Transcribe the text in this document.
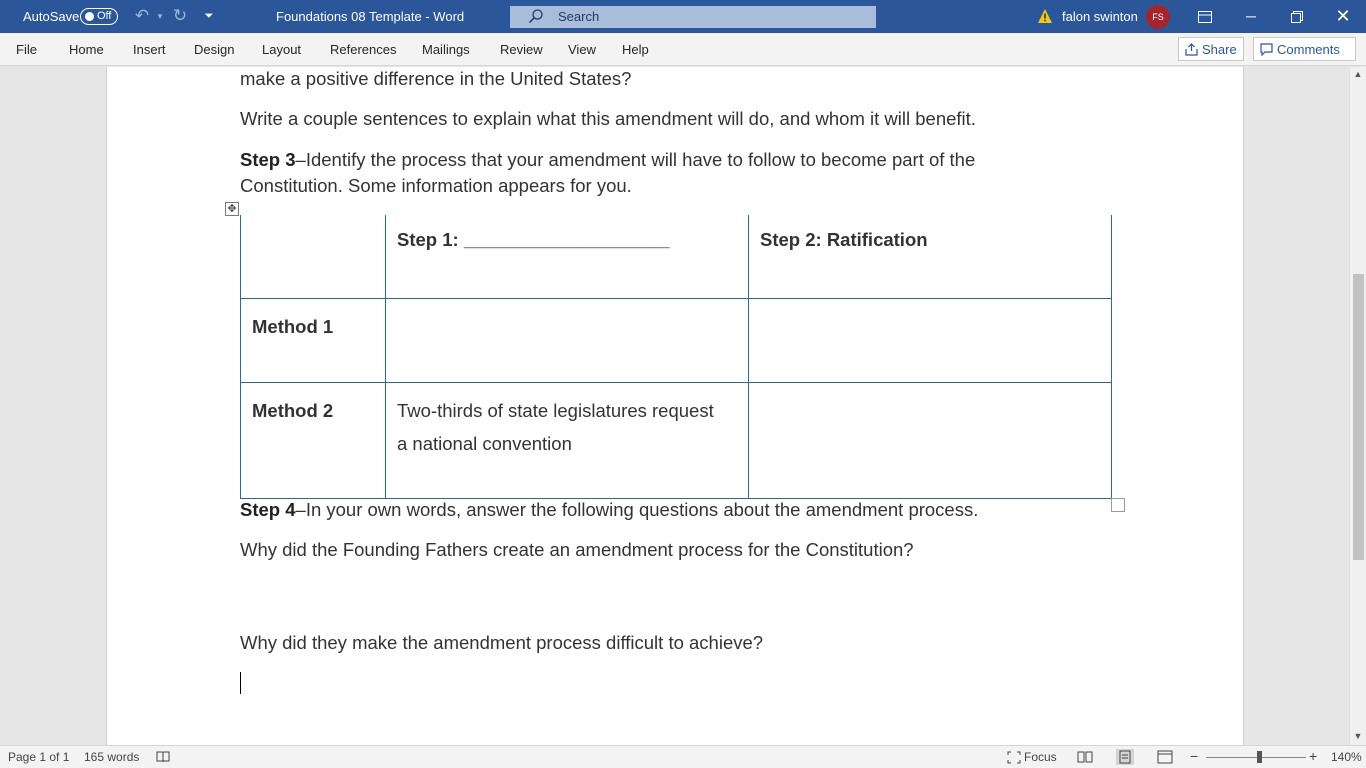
AutoSave Off ↶ ▾ ↻	⏷	Foundations 08 Template - Word	Search	falon swinton	FS	─	✕
File Home Insert Design Layout References Mailings Review View Help	Share	Comments
make a positive difference in the United States?
Write a couple sentences to explain what this amendment will do, and whom it will benefit.
Step 3–Identify the process that your amendment will have to follow to become part of the
Constitution. Some information appears for you.
✥
	Step 1: ____________________	Step 2: Ratification
Method 1		
Method 2	Two-thirds of state legislatures request
a national convention	

Step 4–In your own words, answer the following questions about the amendment process.
Why did the Founding Fathers create an amendment process for the Constitution?
Why did they make the amendment process difficult to achieve?
▲
▼
Page 1 of 1 165 words	Focus	−	+ 140%
